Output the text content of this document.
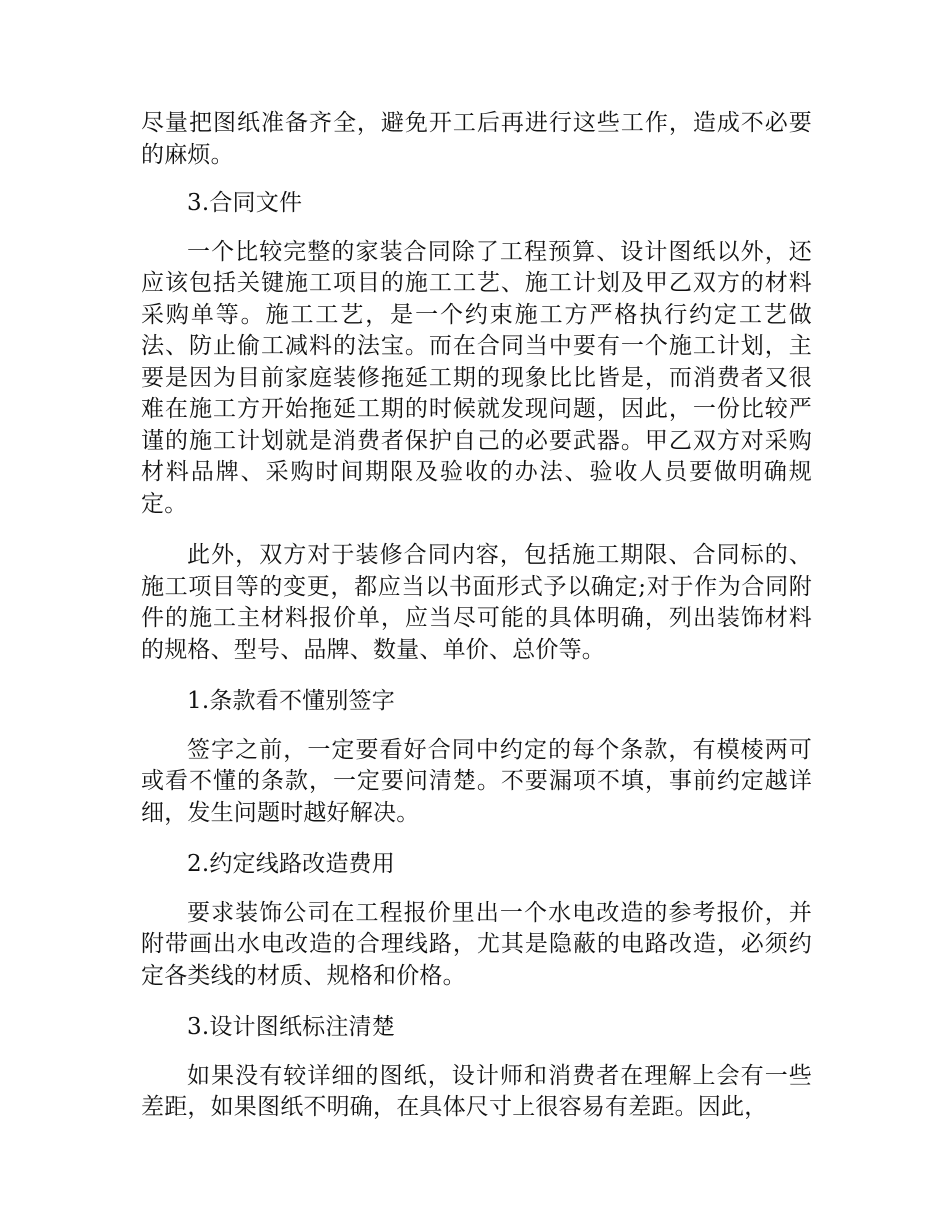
尽量把图纸准备齐全，避免开工后再进行这些工作，造成不必要的麻烦。

3.合同文件

一个比较完整的家装合同除了工程预算、设计图纸以外，还应该包括关键施工项目的施工工艺、施工计划及甲乙双方的材料采购单等。施工工艺，是一个约束施工方严格执行约定工艺做法、防止偷工减料的法宝。而在合同当中要有一个施工计划，主要是因为目前家庭装修拖延工期的现象比比皆是，而消费者又很难在施工方开始拖延工期的时候就发现问题，因此，一份比较严谨的施工计划就是消费者保护自己的必要武器。甲乙双方对采购材料品牌、采购时间期限及验收的办法、验收人员要做明确规定。

此外，双方对于装修合同内容，包括施工期限、合同标的、施工项目等的变更，都应当以书面形式予以确定;对于作为合同附件的施工主材料报价单，应当尽可能的具体明确，列出装饰材料的规格、型号、品牌、数量、单价、总价等。

1.条款看不懂别签字

签字之前，一定要看好合同中约定的每个条款，有模棱两可或看不懂的条款，一定要问清楚。不要漏项不填，事前约定越详细，发生问题时越好解决。

2.约定线路改造费用

要求装饰公司在工程报价里出一个水电改造的参考报价，并附带画出水电改造的合理线路，尤其是隐蔽的电路改造，必须约定各类线的材质、规格和价格。

3.设计图纸标注清楚

如果没有较详细的图纸，设计师和消费者在理解上会有一些差距，如果图纸不明确，在具体尺寸上很容易有差距。因此，
